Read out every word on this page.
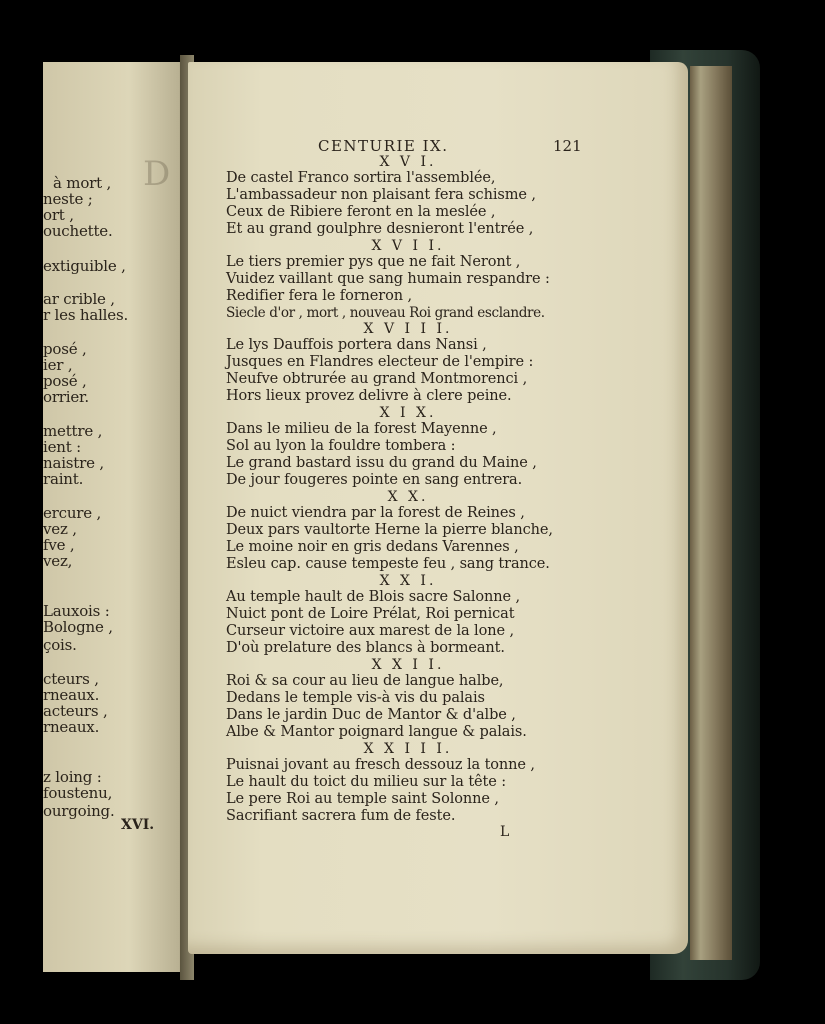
D
à mort ,
neste ;
ort ,
ouchette.
extiguible ,
ar crible ,
r les halles.
posé ,
ier ,
posé ,
orrier.
mettre ,
ient :
naistre ,
raint.
ercure ,
vez ,
fve ,
vez,
Lauxois :
Bologne ,
çois.
cteurs ,
rneaux.
acteurs ,
rneaux.
z loing :
foustenu,
ourgoing.
XVI.
CENTURIE IX.	121
X V I.
De castel Franco sortira l'assemblée,
L'ambassadeur non plaisant fera schisme ,
Ceux de Ribiere feront en la meslée ,
Et au grand goulphre desnieront l'entrée ,
X V I I.
Le tiers premier pys que ne fait Neront ,
Vuidez vaillant que sang humain respandre :
Redifier fera le forneron ,
Siecle d'or , mort , nouveau Roi grand esclandre.
X V I I I.
Le lys Dauffois portera dans Nansi ,
Jusques en Flandres electeur de l'empire :
Neufve obtrurée au grand Montmorenci ,
Hors lieux provez delivre à clere peine.
X I X.
Dans le milieu de la forest Mayenne ,
Sol au lyon la fouldre tombera :
Le grand bastard issu du grand du Maine ,
De jour fougeres pointe en sang entrera.
X X.
De nuict viendra par la forest de Reines ,
Deux pars vaultorte Herne la pierre blanche,
Le moine noir en gris dedans Varennes ,
Esleu cap. cause tempeste feu , sang trance.
X X I.
Au temple hault de Blois sacre Salonne ,
Nuict pont de Loire Prélat, Roi pernicat
Curseur victoire aux marest de la lone ,
D'où prelature des blancs à bormeant.
X X I I.
Roi & sa cour au lieu de langue halbe,
Dedans le temple vis-à vis du palais
Dans le jardin Duc de Mantor & d'albe ,
Albe & Mantor poignard langue & palais.
X X I I I.
Puisnai jovant au fresch dessouz la tonne ,
Le hault du toict du milieu sur la tête :
Le pere Roi au temple saint Solonne ,
Sacrifiant sacrera fum de feste.
L
